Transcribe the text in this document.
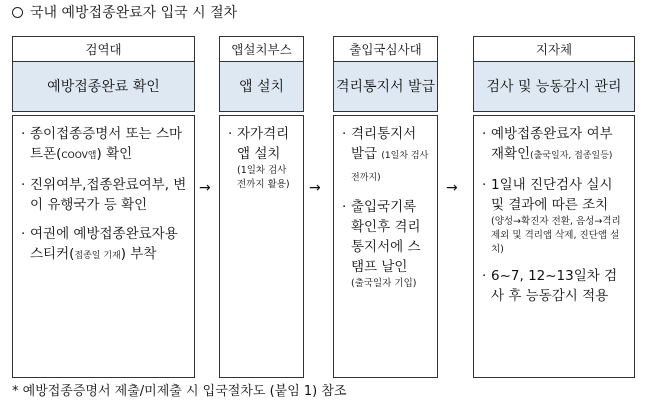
국내 예방접종완료자 입국 시 절차
검역대
예방접종완료 확인
· 종이접종증명서 또는 스마트폰(COOV앱) 확인
· 진위여부,접종완료여부, 변이 유행국가 등 확인
· 여권에 예방접종완료자용 스티커(접종일 기재) 부착
→
앱설치부스
앱 설치
· 자가격리 앱 설치
(1일차 검사 전까지 활용)	→
출입국심사대
격리통지서 발급
· 격리통지서 발급 (1일차 검사전까지)
· 출입국기록 확인후 격리통지서에 스탬프 날인
(출국일자 기입)
→
지자체
검사 및 능동감시 관리
· 예방접종완료자 여부 재확인(출국일자, 접종일등)
· 1일내 진단검사 실시 및 결과에 따른 조치
(양성→확진자 전환, 음성→격리제외 및 격리앱 삭제, 진단앱 설치)
· 6~7, 12~13일차 검사 후 능동감시 적용
* 예방접종증명서 제출/미제출 시 입국절차도 (붙임 1) 참조
